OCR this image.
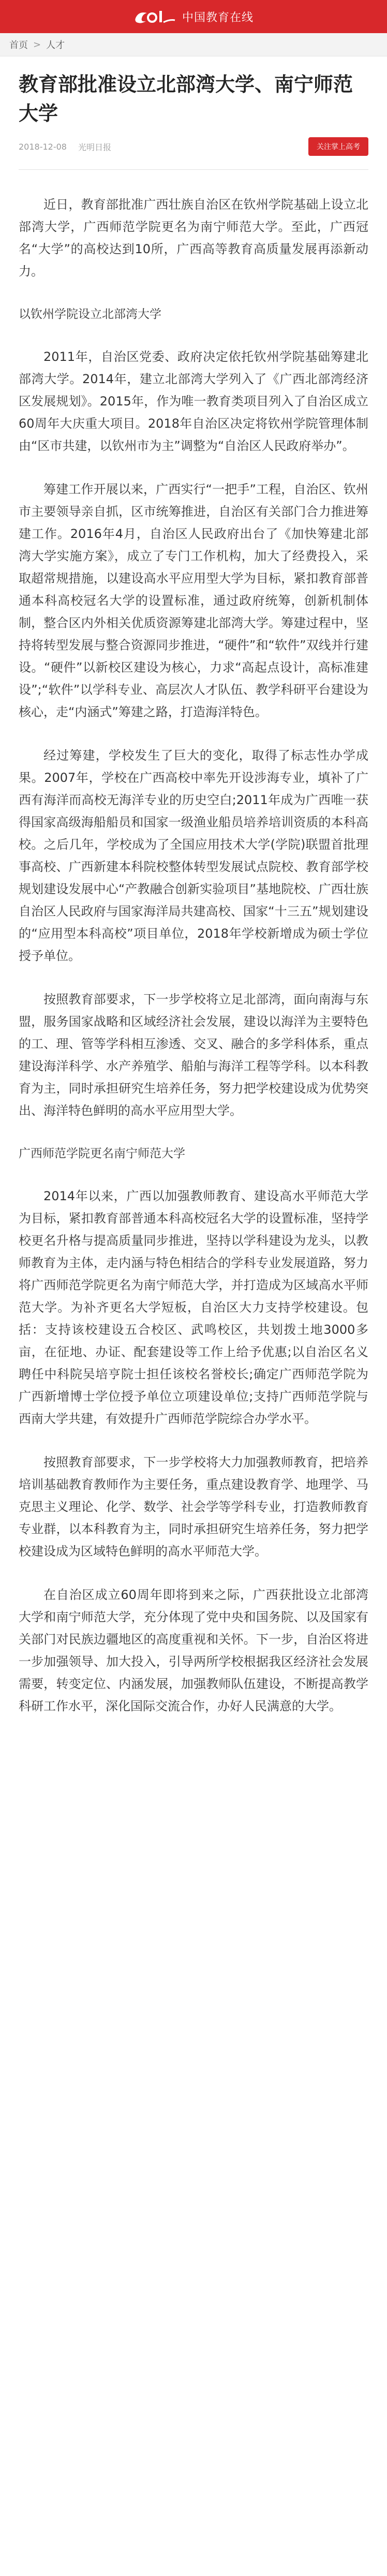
中国教育在线
首页 > 人才
教育部批准设立北部湾大学、南宁师范大学
2018-12-08 光明日报	关注掌上高考

近日，教育部批准广西壮族自治区在钦州学院基础上设立北部湾大学，广西师范学院更名为南宁师范大学。至此，广西冠名“大学”的高校达到10所，广西高等教育高质量发展再添新动力。

以钦州学院设立北部湾大学

2011年，自治区党委、政府决定依托钦州学院基础筹建北部湾大学。2014年，建立北部湾大学列入了《广西北部湾经济区发展规划》。2015年，作为唯一教育类项目列入了自治区成立60周年大庆重大项目。2018年自治区决定将钦州学院管理体制由“区市共建，以钦州市为主”调整为“自治区人民政府举办”。

筹建工作开展以来，广西实行“一把手”工程，自治区、钦州市主要领导亲自抓，区市统筹推进，自治区有关部门合力推进筹建工作。2016年4月，自治区人民政府出台了《加快筹建北部湾大学实施方案》，成立了专门工作机构，加大了经费投入，采取超常规措施，以建设高水平应用型大学为目标，紧扣教育部普通本科高校冠名大学的设置标准，通过政府统筹，创新机制体制，整合区内外相关优质资源筹建北部湾大学。筹建过程中，坚持将转型发展与整合资源同步推进，“硬件”和“软件”双线并行建设。“硬件”以新校区建设为核心，力求“高起点设计，高标准建设”;“软件”以学科专业、高层次人才队伍、教学科研平台建设为核心，走“内涵式”筹建之路，打造海洋特色。

经过筹建，学校发生了巨大的变化，取得了标志性办学成果。2007年，学校在广西高校中率先开设涉海专业，填补了广西有海洋而高校无海洋专业的历史空白;2011年成为广西唯一获得国家高级海船船员和国家一级渔业船员培养培训资质的本科高校。之后几年，学校成为了全国应用技术大学(学院)联盟首批理事高校、广西新建本科院校整体转型发展试点院校、教育部学校规划建设发展中心“产教融合创新实验项目”基地院校、广西壮族自治区人民政府与国家海洋局共建高校、国家“十三五”规划建设的“应用型本科高校”项目单位，2018年学校新增成为硕士学位授予单位。

按照教育部要求，下一步学校将立足北部湾，面向南海与东盟，服务国家战略和区域经济社会发展，建设以海洋为主要特色的工、理、管等学科相互渗透、交叉、融合的多学科体系，重点建设海洋科学、水产养殖学、船舶与海洋工程等学科。以本科教育为主，同时承担研究生培养任务，努力把学校建设成为优势突出、海洋特色鲜明的高水平应用型大学。

广西师范学院更名南宁师范大学

2014年以来，广西以加强教师教育、建设高水平师范大学为目标，紧扣教育部普通本科高校冠名大学的设置标准，坚持学校更名升格与提高质量同步推进，坚持以学科建设为龙头，以教师教育为主体，走内涵与特色相结合的学科专业发展道路，努力将广西师范学院更名为南宁师范大学，并打造成为区域高水平师范大学。为补齐更名大学短板，自治区大力支持学校建设。包括：支持该校建设五合校区、武鸣校区，共划拨土地3000多亩，在征地、办证、配套建设等工作上给予优惠;以自治区名义聘任中科院吴培亨院士担任该校名誉校长;确定广西师范学院为广西新增博士学位授予单位立项建设单位;支持广西师范学院与西南大学共建，有效提升广西师范学院综合办学水平。

按照教育部要求，下一步学校将大力加强教师教育，把培养培训基础教育教师作为主要任务，重点建设教育学、地理学、马克思主义理论、化学、数学、社会学等学科专业，打造教师教育专业群，以本科教育为主，同时承担研究生培养任务，努力把学校建设成为区域特色鲜明的高水平师范大学。

在自治区成立60周年即将到来之际，广西获批设立北部湾大学和南宁师范大学，充分体现了党中央和国务院、以及国家有关部门对民族边疆地区的高度重视和关怀。下一步，自治区将进一步加强领导、加大投入，引导两所学校根据我区经济社会发展需要，转变定位、内涵发展，加强教师队伍建设，不断提高教学科研工作水平，深化国际交流合作，办好人民满意的大学。
